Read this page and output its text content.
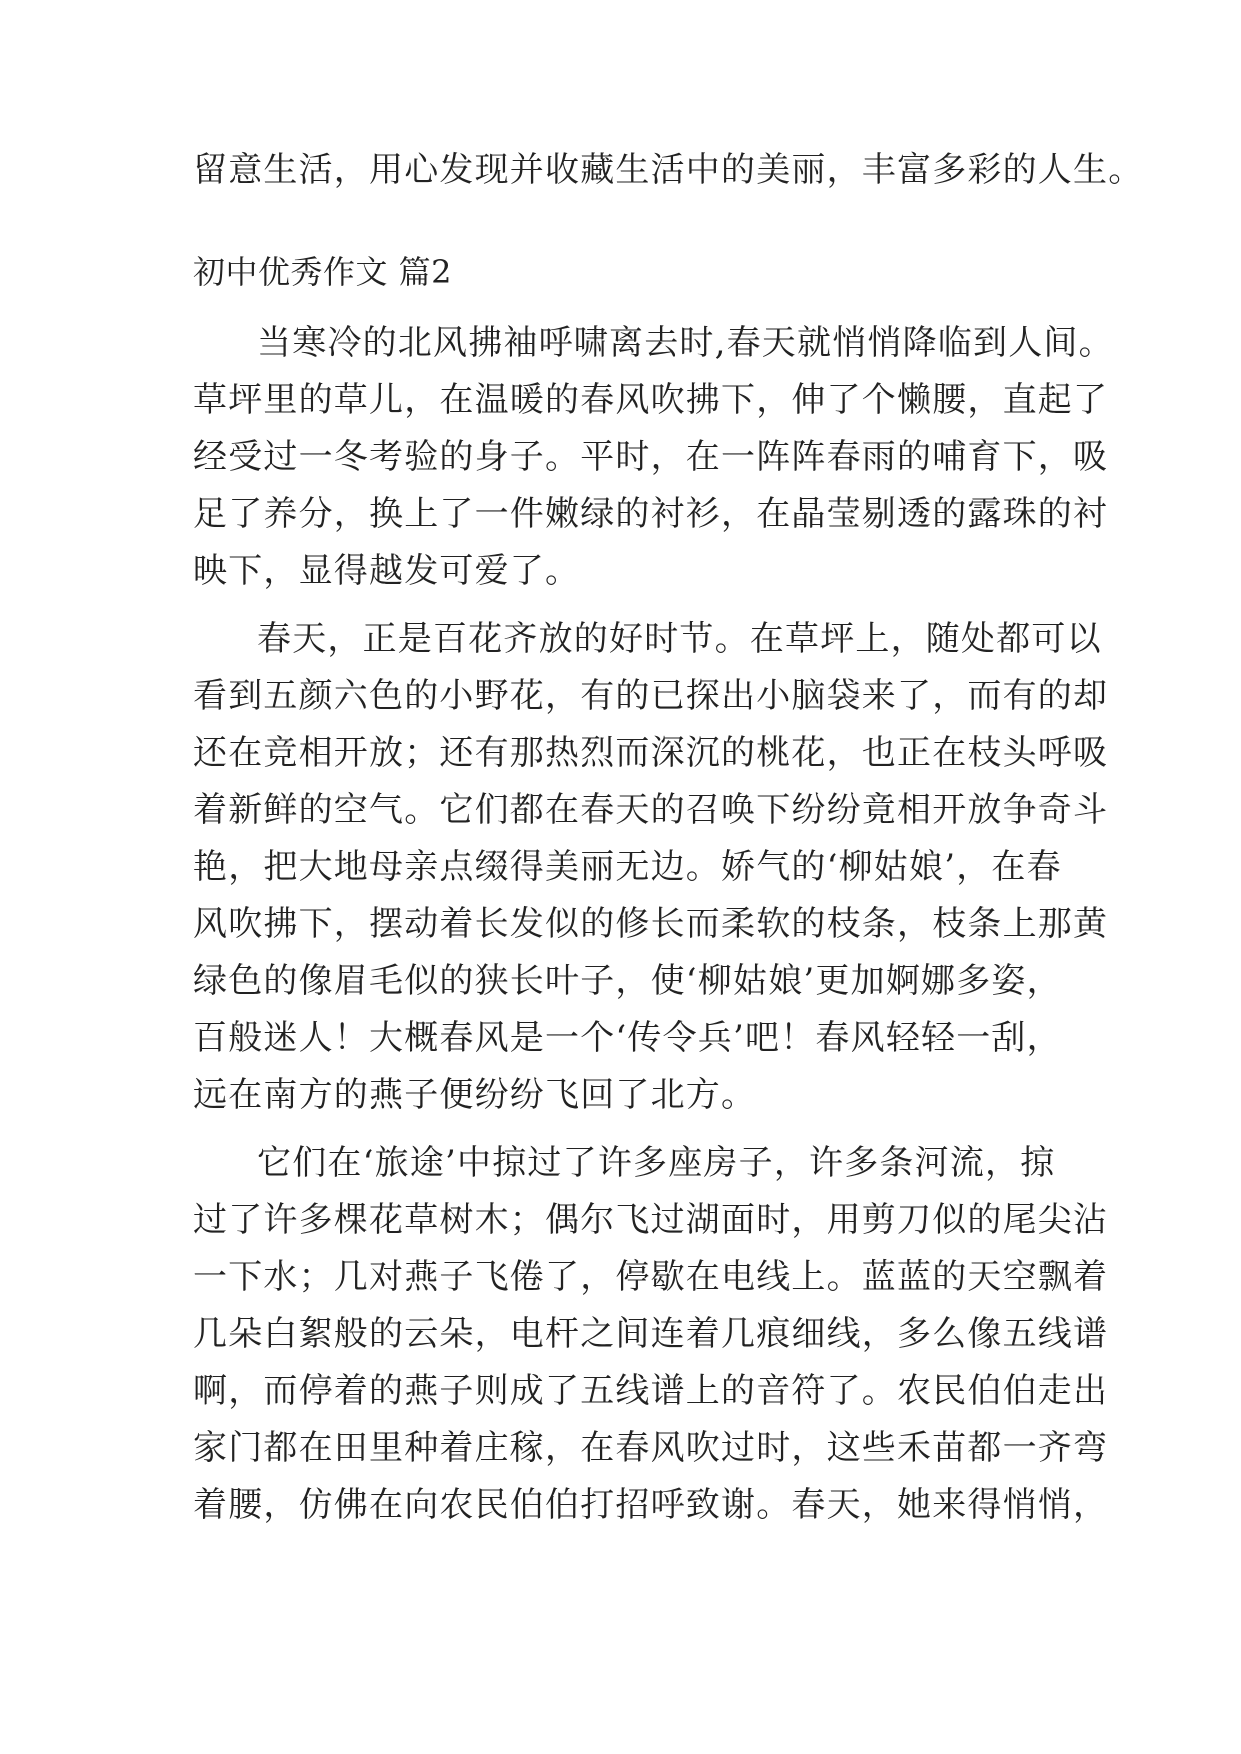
留意生活，用心发现并收藏生活中的美丽，丰富多彩的人生。
初中优秀作文 篇2
当寒冷的北风拂袖呼啸离去时,春天就悄悄降临到人间。
草坪里的草儿，在温暖的春风吹拂下，伸了个懒腰，直起了
经受过一冬考验的身子。平时，在一阵阵春雨的哺育下，吸
足了养分，换上了一件嫩绿的衬衫，在晶莹剔透的露珠的衬
映下，显得越发可爱了。
春天，正是百花齐放的好时节。在草坪上，随处都可以
看到五颜六色的小野花，有的已探出小脑袋来了，而有的却
还在竞相开放；还有那热烈而深沉的桃花，也正在枝头呼吸
着新鲜的空气。它们都在春天的召唤下纷纷竟相开放争奇斗
艳，把大地母亲点缀得美丽无边。娇气的‘柳姑娘’，在春
风吹拂下，摆动着长发似的修长而柔软的枝条，枝条上那黄
绿色的像眉毛似的狭长叶子，使‘柳姑娘’更加婀娜多姿，
百般迷人！大概春风是一个‘传令兵’吧！春风轻轻一刮，
远在南方的燕子便纷纷飞回了北方。
它们在‘旅途’中掠过了许多座房子，许多条河流，掠
过了许多棵花草树木；偶尔飞过湖面时，用剪刀似的尾尖沾
一下水；几对燕子飞倦了，停歇在电线上。蓝蓝的天空飘着
几朵白絮般的云朵，电杆之间连着几痕细线，多么像五线谱
啊，而停着的燕子则成了五线谱上的音符了。农民伯伯走出
家门都在田里种着庄稼，在春风吹过时，这些禾苗都一齐弯
着腰，仿佛在向农民伯伯打招呼致谢。春天，她来得悄悄，
